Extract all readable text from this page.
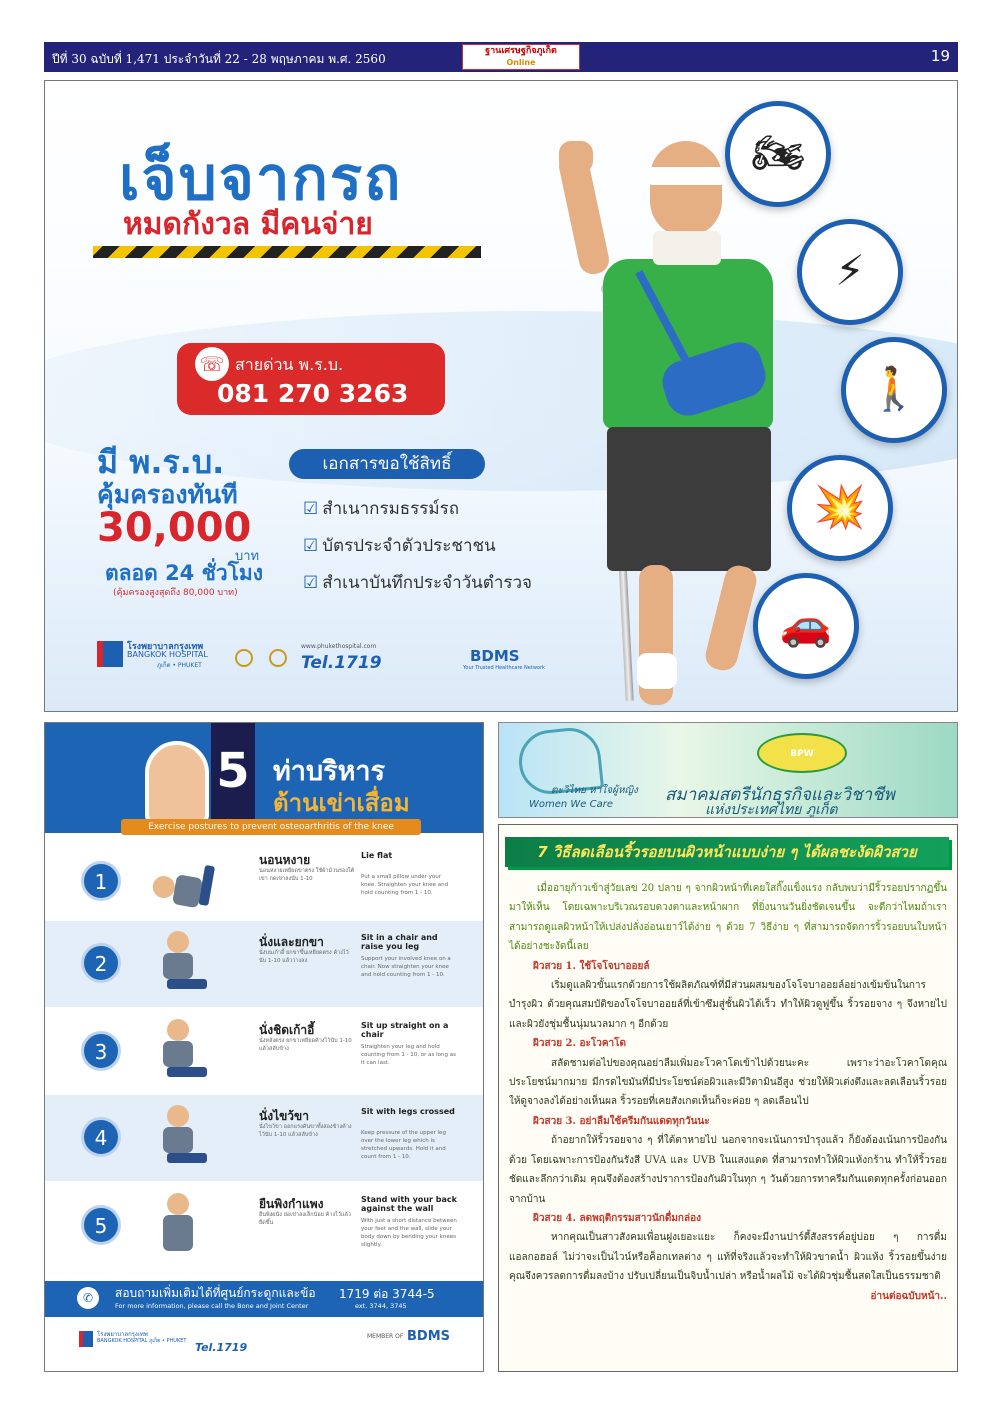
ปีที่ 30 ฉบับที่ 1,471 ประจำวันที่ 22 - 28 พฤษภาคม พ.ศ. 2560
ฐานเศรษฐกิจภูเก็ต
Online	19
เจ็บจากรถ
หมดกังวล มีคนจ่าย
☏ สายด่วน พ.ร.บ.
081 270 3263
มี พ.ร.บ.
คุ้มครองทันที
30,000
บาท
ตลอด 24 ชั่วโมง
(คุ้มครองสูงสุดถึง 80,000 บาท)
เอกสารขอใช้สิทธิ์
☑ สำเนากรมธรรม์รถ
☑ บัตรประจำตัวประชาชน
☑ สำเนาบันทึกประจำวันตำรวจ
โรงพยาบาลกรุงเทพ
BANGKOK HOSPITAL
ภูเก็ต • PHUKET
www.phukethospital.com
Tel.1719	BDMS
Your Trusted Healthcare Network
🏍
⚡
🚶
💥
🚗
5 ท่าบริหาร
ต้านเข่าเสื่อม
Exercise postures to prevent osteoarthritis of the knee
1
นอนหงาย
นอนหงายเหยียดขาตรง ใช้ผ้าม้วนรองใต้เข่า กดเข่าลงนับ 1-10
Lie flat
Put a small pillow under your knee. Straighten your knee and hold counting from 1 - 10.
2
นั่งและยกขา
นั่งบนเก้าอี้ ยกขาขึ้นเหยียดตรง ค้างไว้นับ 1-10 แล้ววางลง
Sit in a chair and raise you leg
Support your involved knee on a chair. Now straighten your knee and hold counting from 1 - 10.
3
นั่งชิดเก้าอี้
นั่งหลังตรง ยกขาเหยียดค้างไว้นับ 1-10 แล้วสลับข้าง
Sit up straight on a chair
Straighten your leg and hold counting from 1 - 10, or as long as it can last.
4
นั่งไขว้ขา
นั่งไขว้ขา ออกแรงดันขาทั้งสองข้างค้างไว้นับ 1-10 แล้วสลับข้าง
Sit with legs crossed
Keep pressure of the upper leg over the lower leg which is stretched upwards. Hold it and count from 1 - 10.
5
ยืนพิงกำแพง
ยืนพิงผนัง ย่อเข่าลงเล็กน้อย ค้างไว้แล้วยืดขึ้น
Stand with your back against the wall
With just a short distance between your feet and the wall, slide your body down by bending your knees slightly.
✆	สอบถามเพิ่มเติมได้ที่ศูนย์กระดูกและข้อ
For more information, please call the Bone and Joint Center
1719 ต่อ 3744-5
ext. 3744, 3745
โรงพยาบาลกรุงเทพ
BANGKOK HOSPITAL ภูเก็ต • PHUKET Tel.1719
MEMBER OF BDMS
BPW
ตะวิไทย หาใจผู้หญิง
Women We Care	สมาคมสตรีนักธุรกิจและวิชาชีพ
แห่งประเทศไทย ภูเก็ต
7 วิธีลดเลือนริ้วรอยบนผิวหน้าแบบง่าย ๆ ได้ผลชะงัดผิวสวย
เมื่ออายุก้าวเข้าสู่วัยเลข 20 ปลาย ๆ จากผิวหน้าที่เคยใสกิ๊งแข็งแรง กลับพบว่ามีริ้วรอยปรากฏขึ้นมาให้เห็น โดยเฉพาะบริเวณรอบดวงตาและหน้าผาก ที่ยิ่งนานวันยิ่งชัดเจนขึ้น จะดีกว่าไหมถ้าเราสามารถดูแลผิวหน้าให้เปล่งปลั่งอ่อนเยาว์ได้ง่าย ๆ ด้วย 7 วิธีง่าย ๆ ที่สามารถจัดการริ้วรอยบนใบหน้าได้อย่างชะงัดนี้เลย
ผิวสวย 1. ใช้โจโจบาออยล์
เริ่มดูแลผิวขั้นแรกด้วยการใช้ผลิตภัณฑ์ที่มีส่วนผสมของโจโจบาออยล์อย่างเข้มข้นในการบำรุงผิว ด้วยคุณสมบัติของโจโจบาออยล์ที่เข้าซึมสู่ชั้นผิวได้เร็ว ทำให้ผิวดูฟูขึ้น ริ้วรอยจาง ๆ จึงหายไป และผิวยังชุ่มชื้นนุ่มนวลมาก ๆ อีกด้วย
ผิวสวย 2. อะโวคาโด
สลัดชามต่อไปของคุณอย่าลืมเพิ่มอะโวคาโดเข้าไปด้วยนะคะ เพราะว่าอะโวคาโดคุณประโยชน์มากมาย มีกรดไขมันที่มีประโยชน์ต่อผิวและมีวิตามินอีสูง ช่วยให้ผิวเต่งตึงและลดเลือนริ้วรอยให้ดูจางลงได้อย่างเห็นผล ริ้วรอยที่เคยสังเกตเห็นก็จะค่อย ๆ ลดเลือนไป
ผิวสวย 3. อย่าลืมใช้ครีมกันแดดทุกวันนะ
ถ้าอยากให้ริ้วรอยจาง ๆ ที่ใต้ตาหายไป นอกจากจะเน้นการบำรุงแล้ว ก็ยังต้องเน้นการป้องกันด้วย โดยเฉพาะการป้องกันรังสี UVA และ UVB ในแสงแดด ที่สามารถทำให้ผิวแห้งกร้าน ทำให้ริ้วรอยชัดและลึกกว่าเดิม คุณจึงต้องสร้างปราการป้องกันผิวในทุก ๆ วันด้วยการทาครีมกันแดดทุกครั้งก่อนออกจากบ้าน
ผิวสวย 4. ลดพฤติกรรมสาวนักดื่มกล่อง
หากคุณเป็นสาวสังคมเพื่อนฝูงเยอะแยะ ก็คงจะมีงานปาร์ตี้สังสรรค์อยู่บ่อย ๆ การดื่มแอลกอฮอล์ ไม่ว่าจะเป็นไวน์หรือค็อกเทลต่าง ๆ แท้ที่จริงแล้วจะทำให้ผิวขาดน้ำ ผิวแห้ง ริ้วรอยขึ้นง่าย คุณจึงควรลดการดื่มลงบ้าง ปรับเปลี่ยนเป็นจิบน้ำเปล่า หรือน้ำผลไม้ จะได้ผิวชุ่มชื้นสดใสเป็นธรรมชาติ
อ่านต่อฉบับหน้า..
